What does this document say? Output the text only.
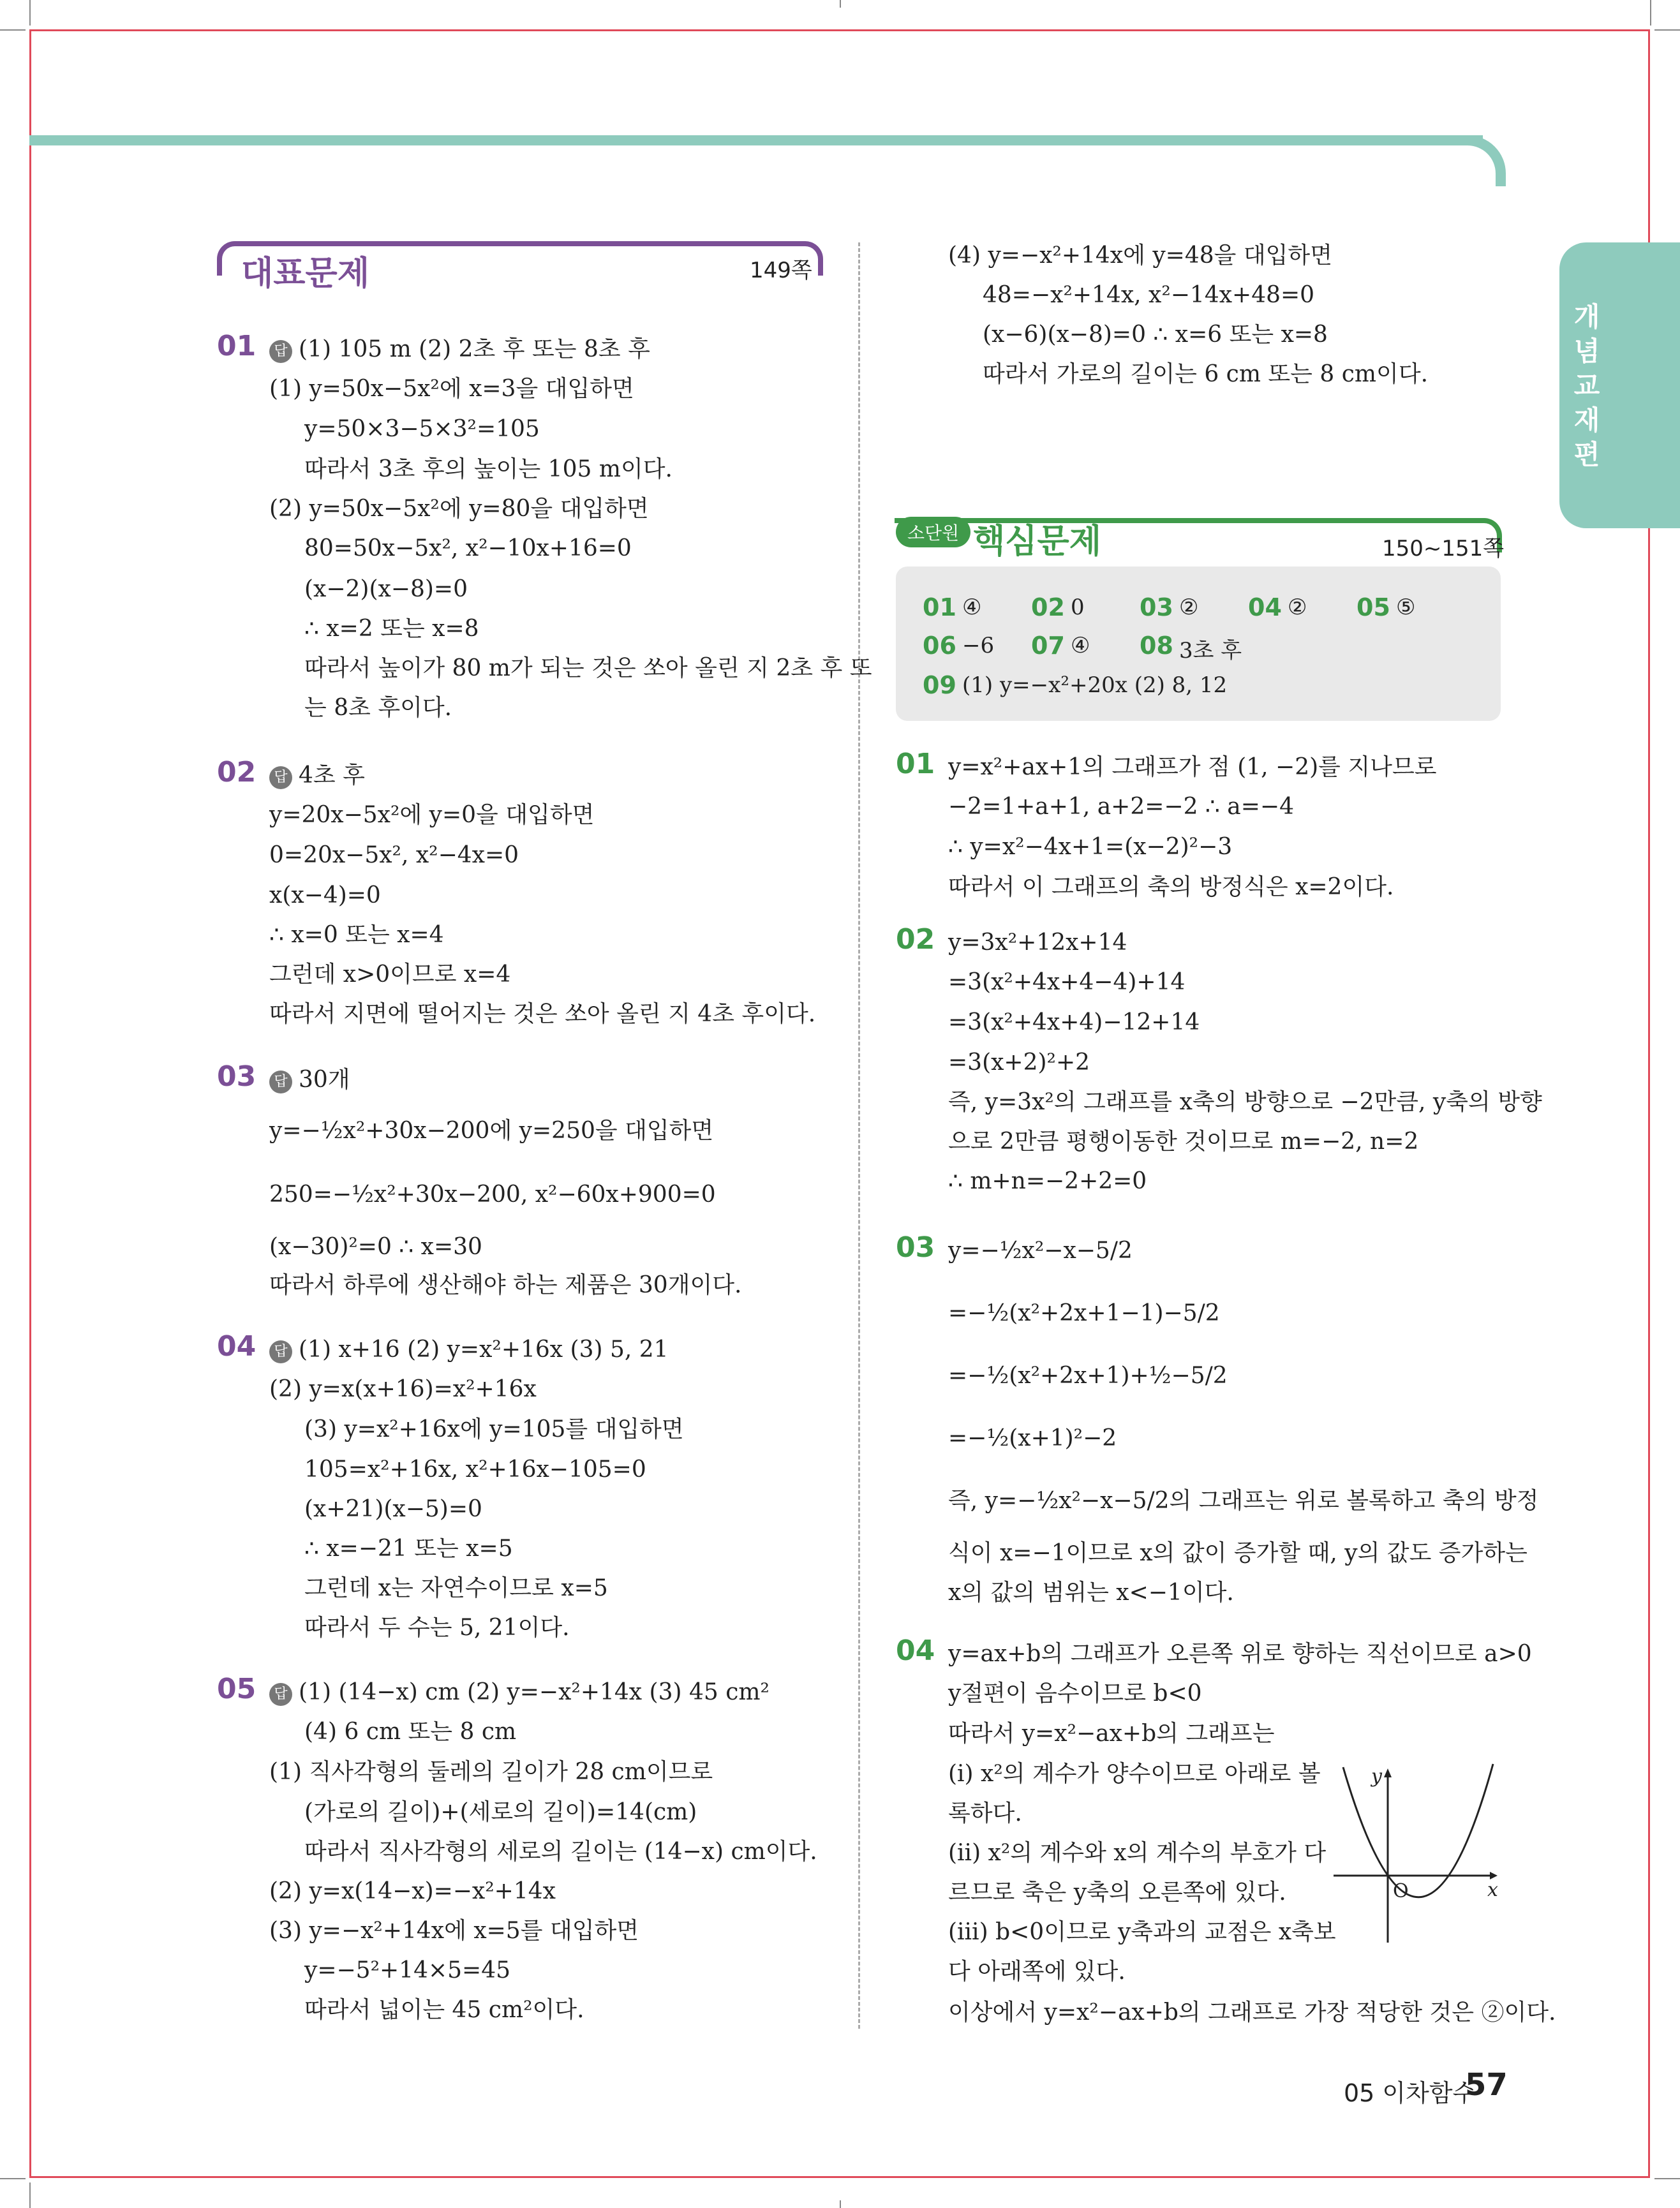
개
념
교
재
편
대표문제	149쪽
01	답 (1) 105 m (2) 2초 후 또는 8초 후
(1) y=50x−5x²에 x=3을 대입하면
y=50×3−5×3²=105
따라서 3초 후의 높이는 105 m이다.
(2) y=50x−5x²에 y=80을 대입하면
80=50x−5x², x²−10x+16=0
(x−2)(x−8)=0
∴ x=2 또는 x=8
따라서 높이가 80 m가 되는 것은 쏘아 올린 지 2초 후 또
는 8초 후이다.
02	답 4초 후
y=20x−5x²에 y=0을 대입하면
0=20x−5x², x²−4x=0
x(x−4)=0
∴ x=0 또는 x=4
그런데 x>0이므로 x=4
따라서 지면에 떨어지는 것은 쏘아 올린 지 4초 후이다.
03	답 30개
y=−½x²+30x−200에 y=250을 대입하면
250=−½x²+30x−200, x²−60x+900=0
(x−30)²=0 ∴ x=30
따라서 하루에 생산해야 하는 제품은 30개이다.
04	답 (1) x+16 (2) y=x²+16x (3) 5, 21
(2) y=x(x+16)=x²+16x
(3) y=x²+16x에 y=105를 대입하면
105=x²+16x, x²+16x−105=0
(x+21)(x−5)=0
∴ x=−21 또는 x=5
그런데 x는 자연수이므로 x=5
따라서 두 수는 5, 21이다.
05	답 (1) (14−x) cm (2) y=−x²+14x (3) 45 cm²
(4) 6 cm 또는 8 cm
(1) 직사각형의 둘레의 길이가 28 cm이므로
(가로의 길이)+(세로의 길이)=14(cm)
따라서 직사각형의 세로의 길이는 (14−x) cm이다.
(2) y=x(14−x)=−x²+14x
(3) y=−x²+14x에 x=5를 대입하면
y=−5²+14×5=45
따라서 넓이는 45 cm²이다.
(4) y=−x²+14x에 y=48을 대입하면
48=−x²+14x, x²−14x+48=0
(x−6)(x−8)=0 ∴ x=6 또는 x=8
따라서 가로의 길이는 6 cm 또는 8 cm이다.
소단원 핵심문제	150~151쪽
01 ④ 02 0 03 ② 04 ② 05 ⑤
06 −6 07 ④ 08 3초 후
09 (1) y=−x²+20x (2) 8, 12
01 y=x²+ax+1의 그래프가 점 (1, −2)를 지나므로
−2=1+a+1, a+2=−2 ∴ a=−4
∴ y=x²−4x+1=(x−2)²−3
따라서 이 그래프의 축의 방정식은 x=2이다.
02 y=3x²+12x+14
=3(x²+4x+4−4)+14
=3(x²+4x+4)−12+14
=3(x+2)²+2
즉, y=3x²의 그래프를 x축의 방향으로 −2만큼, y축의 방향
으로 2만큼 평행이동한 것이므로 m=−2, n=2
∴ m+n=−2+2=0
03 y=−½x²−x−5/2
=−½(x²+2x+1−1)−5/2
=−½(x²+2x+1)+½−5/2
=−½(x+1)²−2
즉, y=−½x²−x−5/2의 그래프는 위로 볼록하고 축의 방정
식이 x=−1이므로 x의 값이 증가할 때, y의 값도 증가하는
x의 값의 범위는 x<−1이다.
04 y=ax+b의 그래프가 오른쪽 위로 향하는 직선이므로 a>0
y절편이 음수이므로 b<0
따라서 y=x²−ax+b의 그래프는
(ⅰ) x²의 계수가 양수이므로 아래로 볼
록하다.
(ⅱ) x²의 계수와 x의 계수의 부호가 다
르므로 축은 y축의 오른쪽에 있다.
(ⅲ) b<0이므로 y축과의 교점은 x축보
다 아래쪽에 있다.
이상에서 y=x²−ax+b의 그래프로 가장 적당한 것은 ②이다.
y
x
O
05 이차함수
57
